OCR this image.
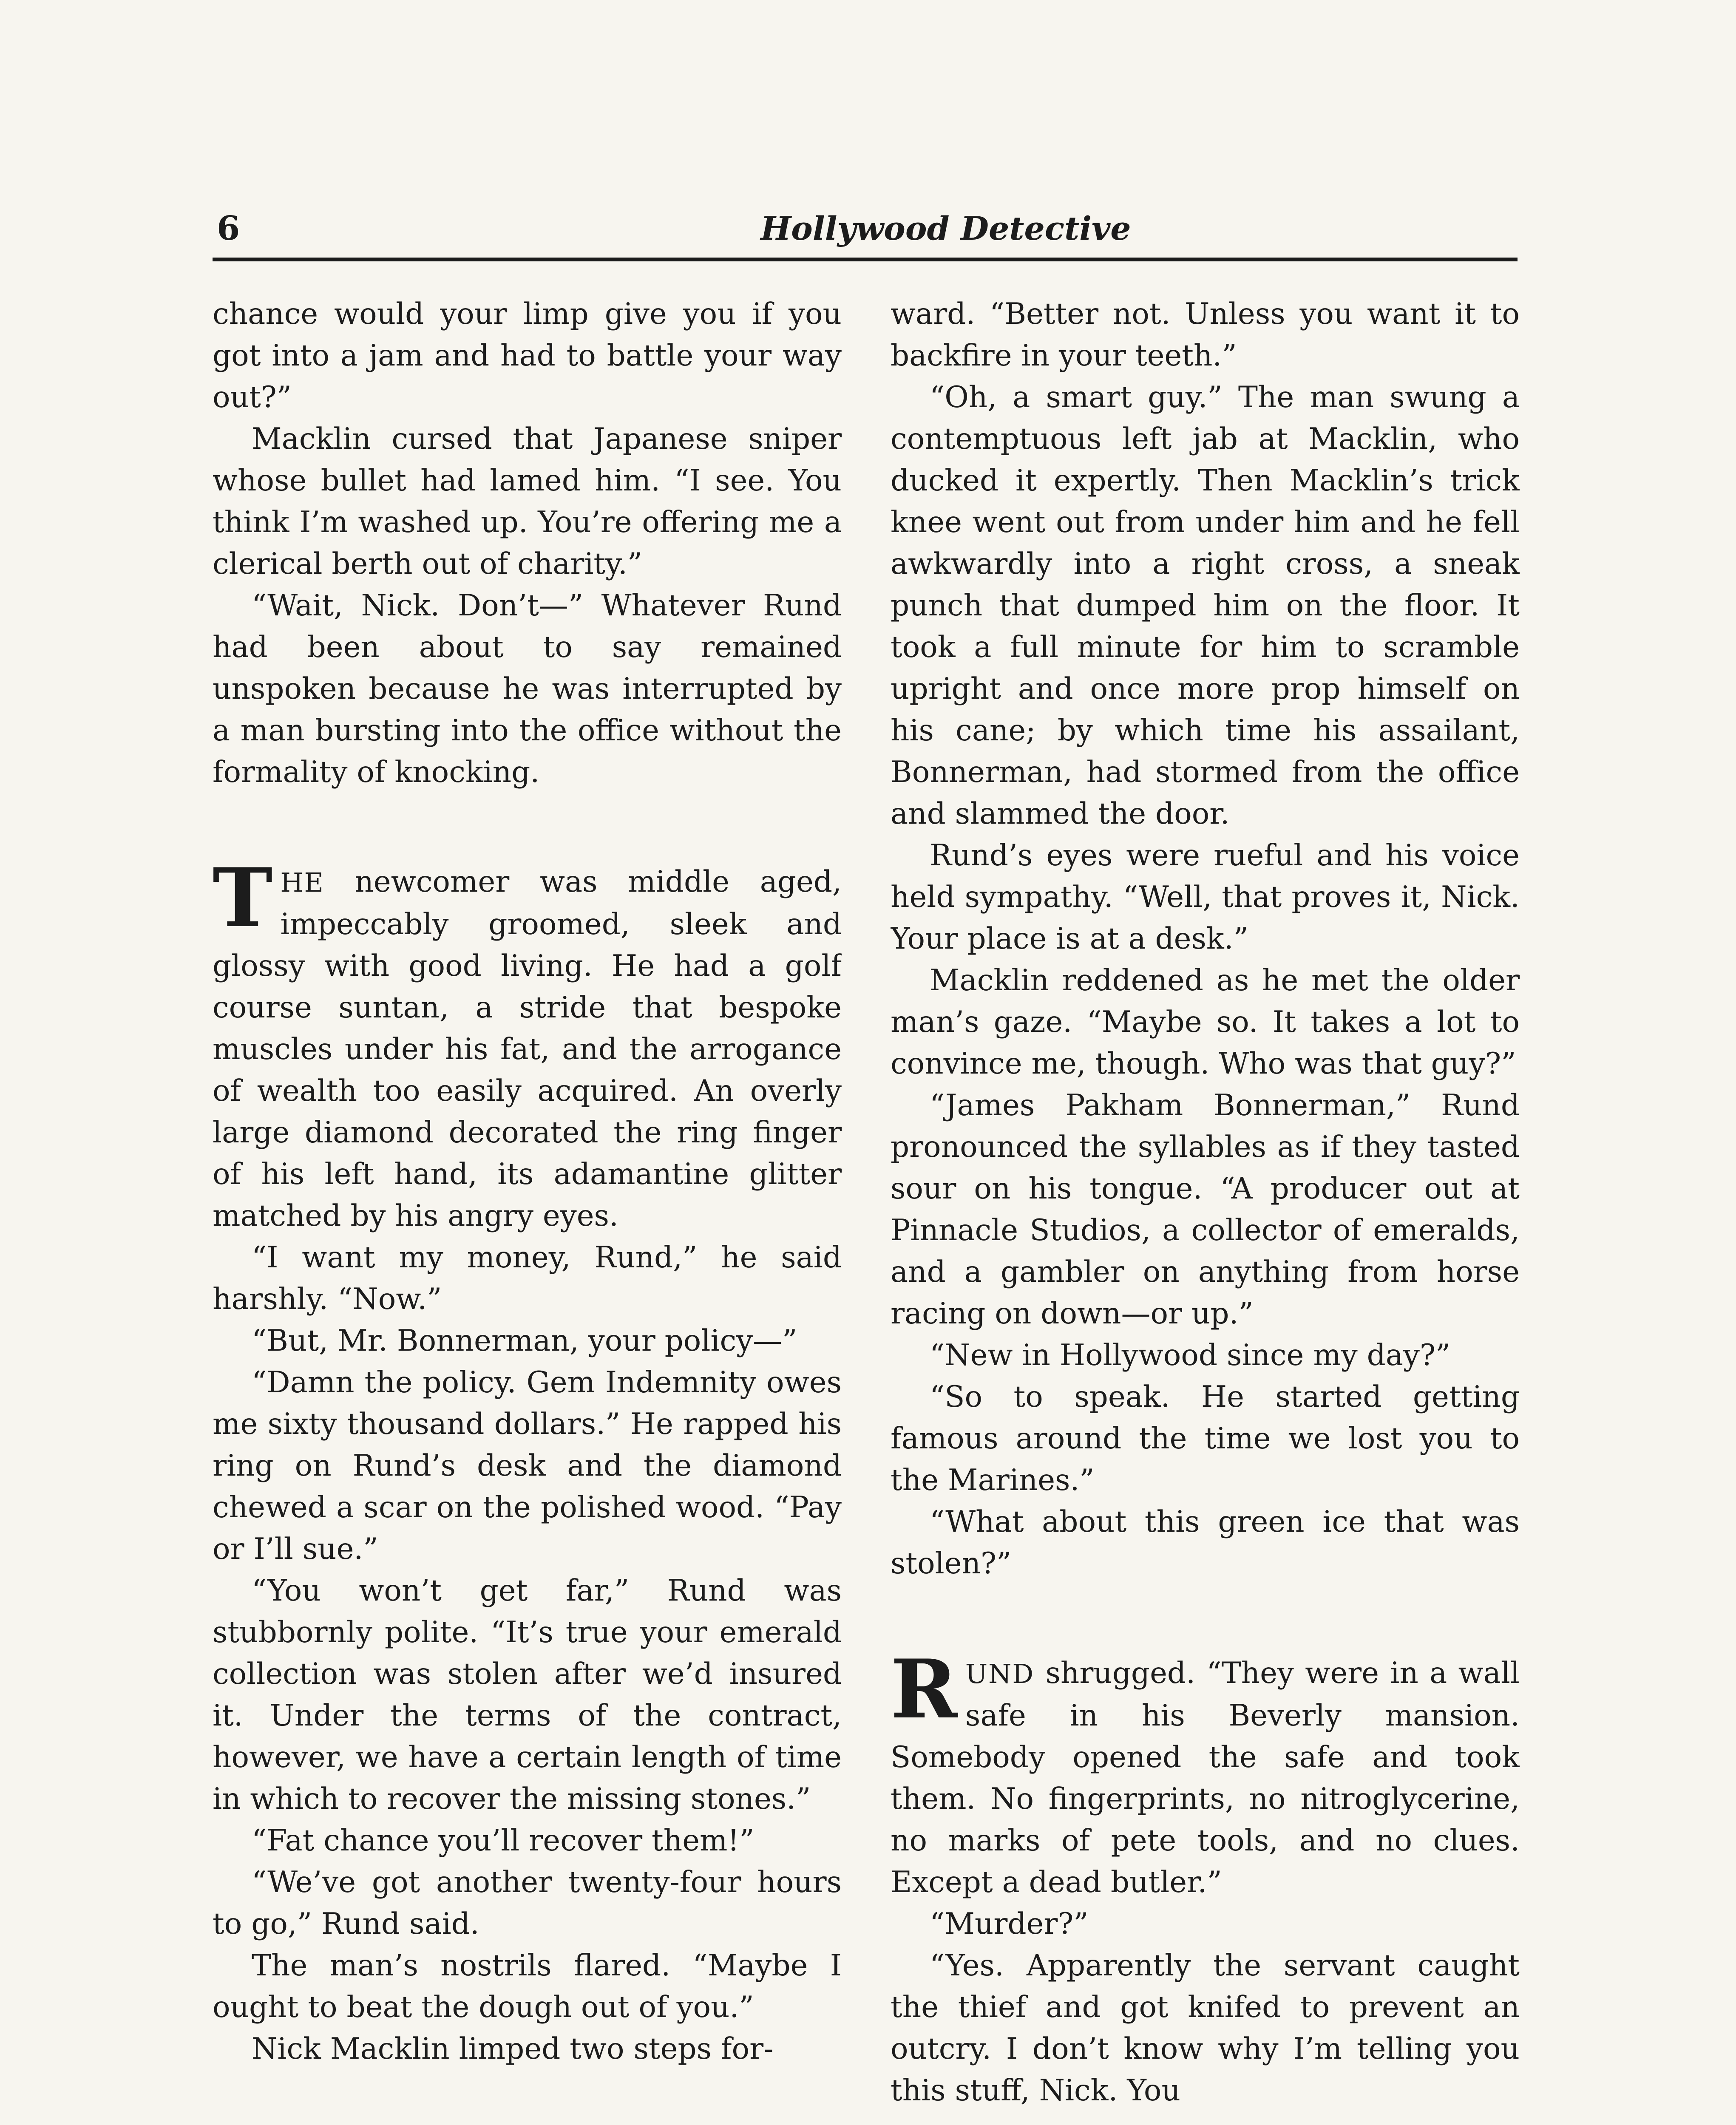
6	Hollywood Detective

chance would your limp give you if you got into a jam and had to battle your way out?”

Macklin cursed that Japanese sniper whose bullet had lamed him. “I see. You think I’m washed up. You’re offering me a clerical berth out of charity.”

“Wait, Nick. Don’t—” Whatever Rund had been about to say remained unspoken because he was interrupted by a man bursting into the office without the formality of knocking.

THE newcomer was middle aged, impeccably groomed, sleek and glossy with good living. He had a golf course suntan, a stride that bespoke muscles under his fat, and the arrogance of wealth too easily acquired. An overly large diamond decorated the ring finger of his left hand, its adamantine glitter matched by his angry eyes.

“I want my money, Rund,” he said harshly. “Now.”

“But, Mr. Bonnerman, your policy—”

“Damn the policy. Gem Indemnity owes me sixty thousand dollars.” He rapped his ring on Rund’s desk and the diamond chewed a scar on the polished wood. “Pay or I’ll sue.”

“You won’t get far,” Rund was stubbornly polite. “It’s true your emerald collection was stolen after we’d insured it. Under the terms of the contract, however, we have a certain length of time in which to recover the missing stones.”

“Fat chance you’ll recover them!”

“We’ve got another twenty-four hours to go,” Rund said.

The man’s nostrils flared. “Maybe I ought to beat the dough out of you.”

Nick Macklin limped two steps for-

ward. “Better not. Unless you want it to backfire in your teeth.”

“Oh, a smart guy.” The man swung a contemptuous left jab at Macklin, who ducked it expertly. Then Macklin’s trick knee went out from under him and he fell awkwardly into a right cross, a sneak punch that dumped him on the floor. It took a full minute for him to scramble upright and once more prop himself on his cane; by which time his assailant, Bonnerman, had stormed from the office and slammed the door.

Rund’s eyes were rueful and his voice held sympathy. “Well, that proves it, Nick. Your place is at a desk.”

Macklin reddened as he met the older man’s gaze. “Maybe so. It takes a lot to convince me, though. Who was that guy?”

“James Pakham Bonnerman,” Rund pronounced the syllables as if they tasted sour on his tongue. “A producer out at Pinnacle Studios, a collector of emeralds, and a gambler on anything from horse racing on down—or up.”

“New in Hollywood since my day?”

“So to speak. He started getting famous around the time we lost you to the Marines.”

“What about this green ice that was stolen?”

RUND shrugged. “They were in a wall safe in his Beverly mansion. Somebody opened the safe and took them. No fingerprints, no nitroglycerine, no marks of pete tools, and no clues. Except a dead butler.”

“Murder?”

“Yes. Apparently the servant caught the thief and got knifed to prevent an outcry. I don’t know why I’m telling you this stuff, Nick. You
